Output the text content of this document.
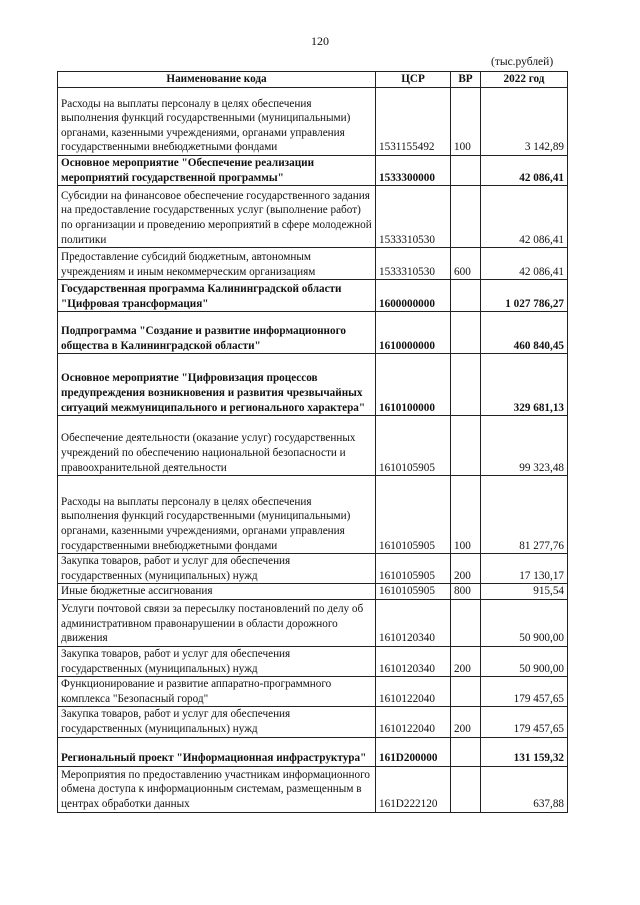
120
(тыс.рублей)
Наименование кода	ЦСР	ВР	2022 год
Расходы на выплаты персоналу в целях обеспечения выполнения функций государственными (муниципальными) органами, казенными учреждениями, органами управления государственными внебюджетными фондами	1531155492	100	3 142,89
Основное мероприятие "Обеспечение реализации мероприятий государственной программы"	1533300000		42 086,41
Субсидии на финансовое обеспечение государственного задания на предоставление государственных услуг (выполнение работ) по организации и проведению мероприятий в сфере молодежной политики	1533310530		42 086,41
Предоставление субсидий бюджетным, автономным учреждениям и иным некоммерческим организациям	1533310530	600	42 086,41
Государственная программа Калининградской области "Цифровая трансформация"	1600000000		1 027 786,27
Подпрограмма "Создание и развитие информационного общества в Калининградской области"	1610000000		460 840,45
Основное мероприятие "Цифровизация процессов предупреждения возникновения и развития чрезвычайных ситуаций межмуниципального и регионального характера"	1610100000		329 681,13
Обеспечение деятельности (оказание услуг) государственных учреждений по обеспечению национальной безопасности и правоохранительной деятельности	1610105905		99 323,48
Расходы на выплаты персоналу в целях обеспечения выполнения функций государственными (муниципальными) органами, казенными учреждениями, органами управления государственными внебюджетными фондами	1610105905	100	81 277,76
Закупка товаров, работ и услуг для обеспечения государственных (муниципальных) нужд	1610105905	200	17 130,17
Иные бюджетные ассигнования	1610105905	800	915,54
Услуги почтовой связи за пересылку постановлений по делу об административном правонарушении в области дорожного движения	1610120340		50 900,00
Закупка товаров, работ и услуг для обеспечения государственных (муниципальных) нужд	1610120340	200	50 900,00
Функционирование и развитие аппаратно-программного комплекса "Безопасный город"	1610122040		179 457,65
Закупка товаров, работ и услуг для обеспечения государственных (муниципальных) нужд	1610122040	200	179 457,65
Региональный проект "Информационная инфраструктура"	161D200000		131 159,32
Мероприятия по предоставлению участникам информационного обмена доступа к информационным системам, размещенным в центрах обработки данных	161D222120		637,88
